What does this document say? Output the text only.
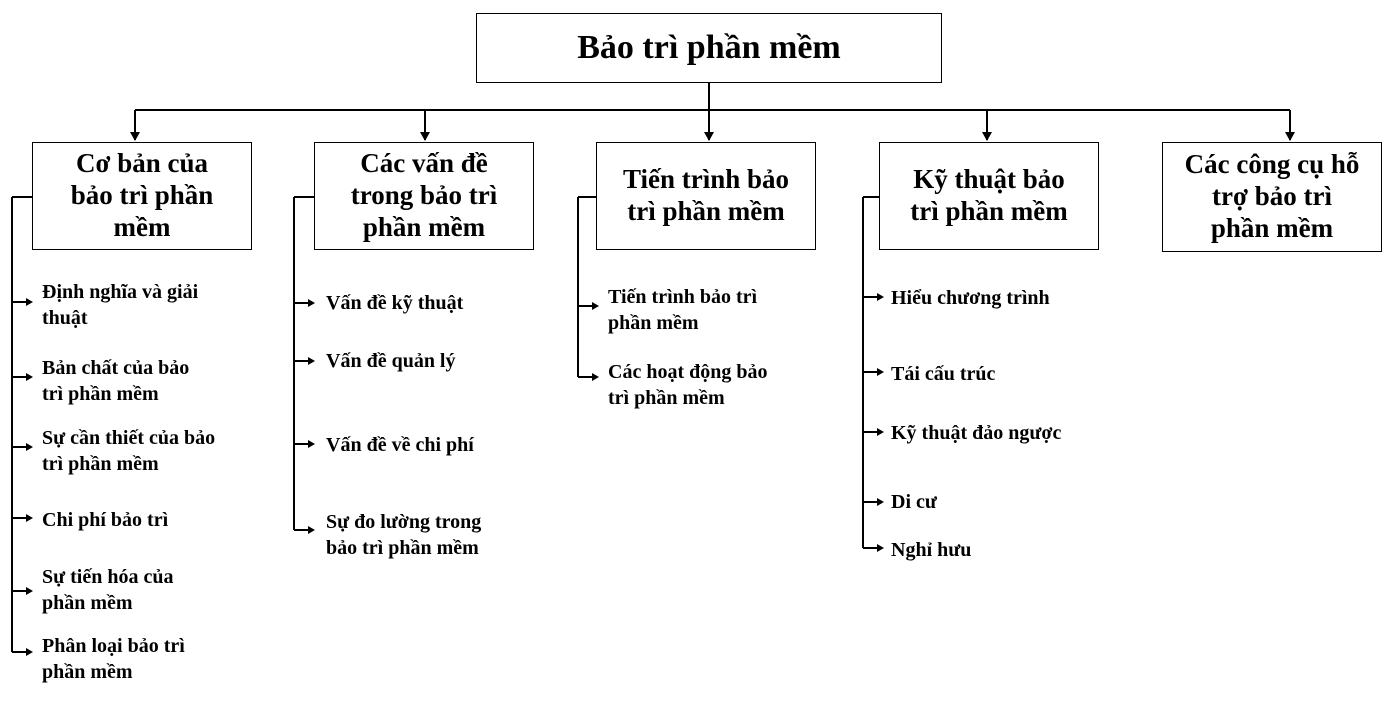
Bảo trì phần mềm
Cơ bản của
bảo trì phần
mềm
Các vấn đề
trong bảo trì
phần mềm
Tiến trình bảo
trì phần mềm
Kỹ thuật bảo
trì phần mềm
Các công cụ hỗ
trợ bảo trì
phần mềm
Định nghĩa và giải
thuật
Bản chất của bảo
trì phần mềm
Sự cần thiết của bảo
trì phần mềm
Chi phí bảo trì
Sự tiến hóa của
phần mềm
Phân loại bảo trì
phần mềm
Vấn đề kỹ thuật
Vấn đề quản lý
Vấn đề về chi phí
Sự đo lường trong
bảo trì phần mềm
Tiến trình bảo trì
phần mềm
Các hoạt động bảo
trì phần mềm
Hiểu chương trình
Tái cấu trúc
Kỹ thuật đảo ngược
Di cư
Nghỉ hưu
